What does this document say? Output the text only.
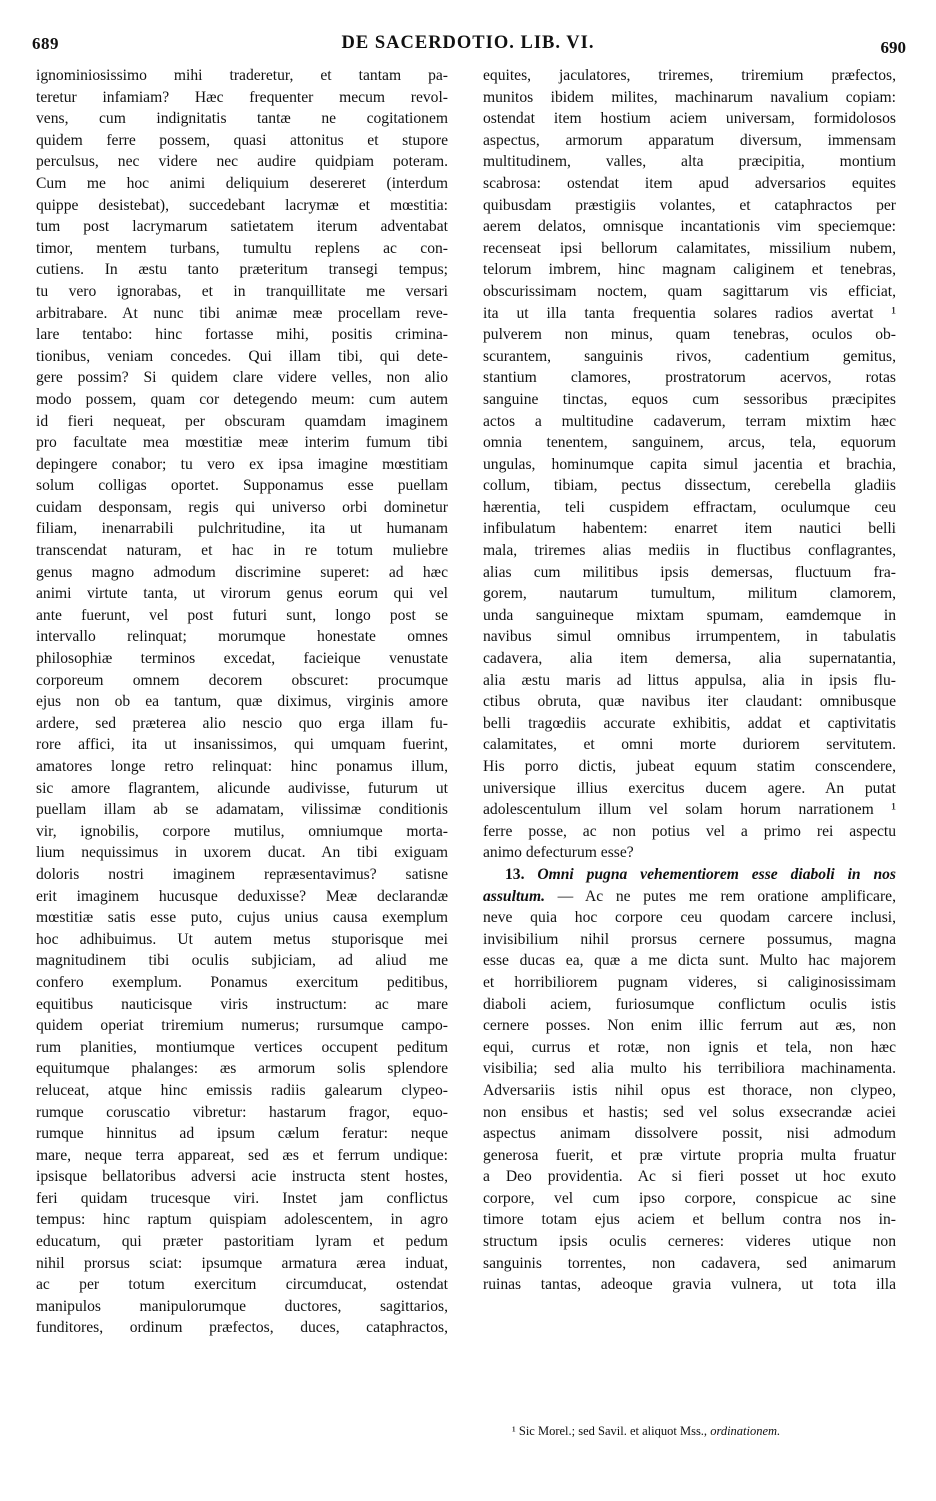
689	DE SACERDOTIO. LIB. VI.	690
ignominiosissimo mihi traderetur, et tantam pa-
teretur infamiam? Hæc frequenter mecum revol-
vens, cum indignitatis tantæ ne cogitationem
quidem ferre possem, quasi attonitus et stupore
perculsus, nec videre nec audire quidpiam poteram.
Cum me hoc animi deliquium desereret (interdum
quippe desistebat), succedebant lacrymæ et mœstitia:
tum post lacrymarum satietatem iterum adventabat
timor, mentem turbans, tumultu replens ac con-
cutiens. In æstu tanto præteritum transegi tempus;
tu vero ignorabas, et in tranquillitate me versari
arbitrabare. At nunc tibi animæ meæ procellam reve-
lare tentabo: hinc fortasse mihi, positis crimina-
tionibus, veniam concedes. Qui illam tibi, qui dete-
gere possim? Si quidem clare videre velles, non alio
modo possem, quam cor detegendo meum: cum autem
id fieri nequeat, per obscuram quamdam imaginem
pro facultate mea mœstitiæ meæ interim fumum tibi
depingere conabor; tu vero ex ipsa imagine mœstitiam
solum colligas oportet. Supponamus esse puellam
cuidam desponsam, regis qui universo orbi dominetur
filiam, inenarrabili pulchritudine, ita ut humanam
transcendat naturam, et hac in re totum muliebre
genus magno admodum discrimine superet: ad hæc
animi virtute tanta, ut virorum genus eorum qui vel
ante fuerunt, vel post futuri sunt, longo post se
intervallo relinquat; morumque honestate omnes
philosophiæ terminos excedat, facieique venustate
corporeum omnem decorem obscuret: procumque
ejus non ob ea tantum, quæ diximus, virginis amore
ardere, sed præterea alio nescio quo erga illam fu-
rore affici, ita ut insanissimos, qui umquam fuerint,
amatores longe retro relinquat: hinc ponamus illum,
sic amore flagrantem, alicunde audivisse, futurum ut
puellam illam ab se adamatam, vilissimæ conditionis
vir, ignobilis, corpore mutilus, omniumque morta-
lium nequissimus in uxorem ducat. An tibi exiguam
doloris nostri imaginem repræsentavimus? satisne
erit imaginem hucusque deduxisse? Meæ declarandæ
mœstitiæ satis esse puto, cujus unius causa exemplum
hoc adhibuimus. Ut autem metus stuporisque mei
magnitudinem tibi oculis subjiciam, ad aliud me
confero exemplum. Ponamus exercitum peditibus,
equitibus nauticisque viris instructum: ac mare
quidem operiat triremium numerus; rursumque campo-
rum planities, montiumque vertices occupent peditum
equitumque phalanges: æs armorum solis splendore
reluceat, atque hinc emissis radiis galearum clypeo-
rumque coruscatio vibretur: hastarum fragor, equo-
rumque hinnitus ad ipsum cælum feratur: neque
mare, neque terra appareat, sed æs et ferrum undique:
ipsisque bellatoribus adversi acie instructa stent hostes,
feri quidam trucesque viri. Instet jam conflictus
tempus: hinc raptum quispiam adolescentem, in agro
educatum, qui præter pastoritiam lyram et pedum
nihil prorsus sciat: ipsumque armatura ærea induat,
ac per totum exercitum circumducat, ostendat
manipulos manipulorumque ductores, sagittarios,
funditores, ordinum præfectos, duces, cataphractos,
equites, jaculatores, triremes, triremium præfectos,
munitos ibidem milites, machinarum navalium copiam:
ostendat item hostium aciem universam, formidolosos
aspectus, armorum apparatum diversum, immensam
multitudinem, valles, alta præcipitia, montium
scabrosa: ostendat item apud adversarios equites
quibusdam præstigiis volantes, et cataphractos per
aerem delatos, omnisque incantationis vim speciemque:
recenseat ipsi bellorum calamitates, missilium nubem,
telorum imbrem, hinc magnam caliginem et tenebras,
obscurissimam noctem, quam sagittarum vis efficiat,
ita ut illa tanta frequentia solares radios avertat ¹
pulverem non minus, quam tenebras, oculos ob-
scurantem, sanguinis rivos, cadentium gemitus,
stantium clamores, prostratorum acervos, rotas
sanguine tinctas, equos cum sessoribus præcipites
actos a multitudine cadaverum, terram mixtim hæc
omnia tenentem, sanguinem, arcus, tela, equorum
ungulas, hominumque capita simul jacentia et brachia,
collum, tibiam, pectus dissectum, cerebella gladiis
hærentia, teli cuspidem effractam, oculumque ceu
infibulatum habentem: enarret item nautici belli
mala, triremes alias mediis in fluctibus conflagrantes,
alias cum militibus ipsis demersas, fluctuum fra-
gorem, nautarum tumultum, militum clamorem,
unda sanguineque mixtam spumam, eamdemque in
navibus simul omnibus irrumpentem, in tabulatis
cadavera, alia item demersa, alia supernatantia,
alia æstu maris ad littus appulsa, alia in ipsis flu-
ctibus obruta, quæ navibus iter claudant: omnibusque
belli tragœdiis accurate exhibitis, addat et captivitatis
calamitates, et omni morte duriorem servitutem.
His porro dictis, jubeat equum statim conscendere,
universique illius exercitus ducem agere. An putat
adolescentulum illum vel solam horum narrationem ¹
ferre posse, ac non potius vel a primo rei aspectu
animo defecturum esse?
13. Omni pugna vehementiorem esse diaboli in nos
assultum. — Ac ne putes me rem oratione amplificare,
neve quia hoc corpore ceu quodam carcere inclusi,
invisibilium nihil prorsus cernere possumus, magna
esse ducas ea, quæ a me dicta sunt. Multo hac majorem
et horribiliorem pugnam videres, si caliginosissimam
diaboli aciem, furiosumque conflictum oculis istis
cernere posses. Non enim illic ferrum aut æs, non
equi, currus et rotæ, non ignis et tela, non hæc
visibilia; sed alia multo his terribiliora machinamenta.
Adversariis istis nihil opus est thorace, non clypeo,
non ensibus et hastis; sed vel solus exsecrandæ aciei
aspectus animam dissolvere possit, nisi admodum
generosa fuerit, et præ virtute propria multa fruatur
a Deo providentia. Ac si fieri posset ut hoc exuto
corpore, vel cum ipso corpore, conspicue ac sine
timore totam ejus aciem et bellum contra nos in-
structum ipsis oculis cerneres: videres utique non
sanguinis torrentes, non cadavera, sed animarum
ruinas tantas, adeoque gravia vulnera, ut tota illa
¹ Sic Morel.; sed Savil. et aliquot Mss., ordinationem.
